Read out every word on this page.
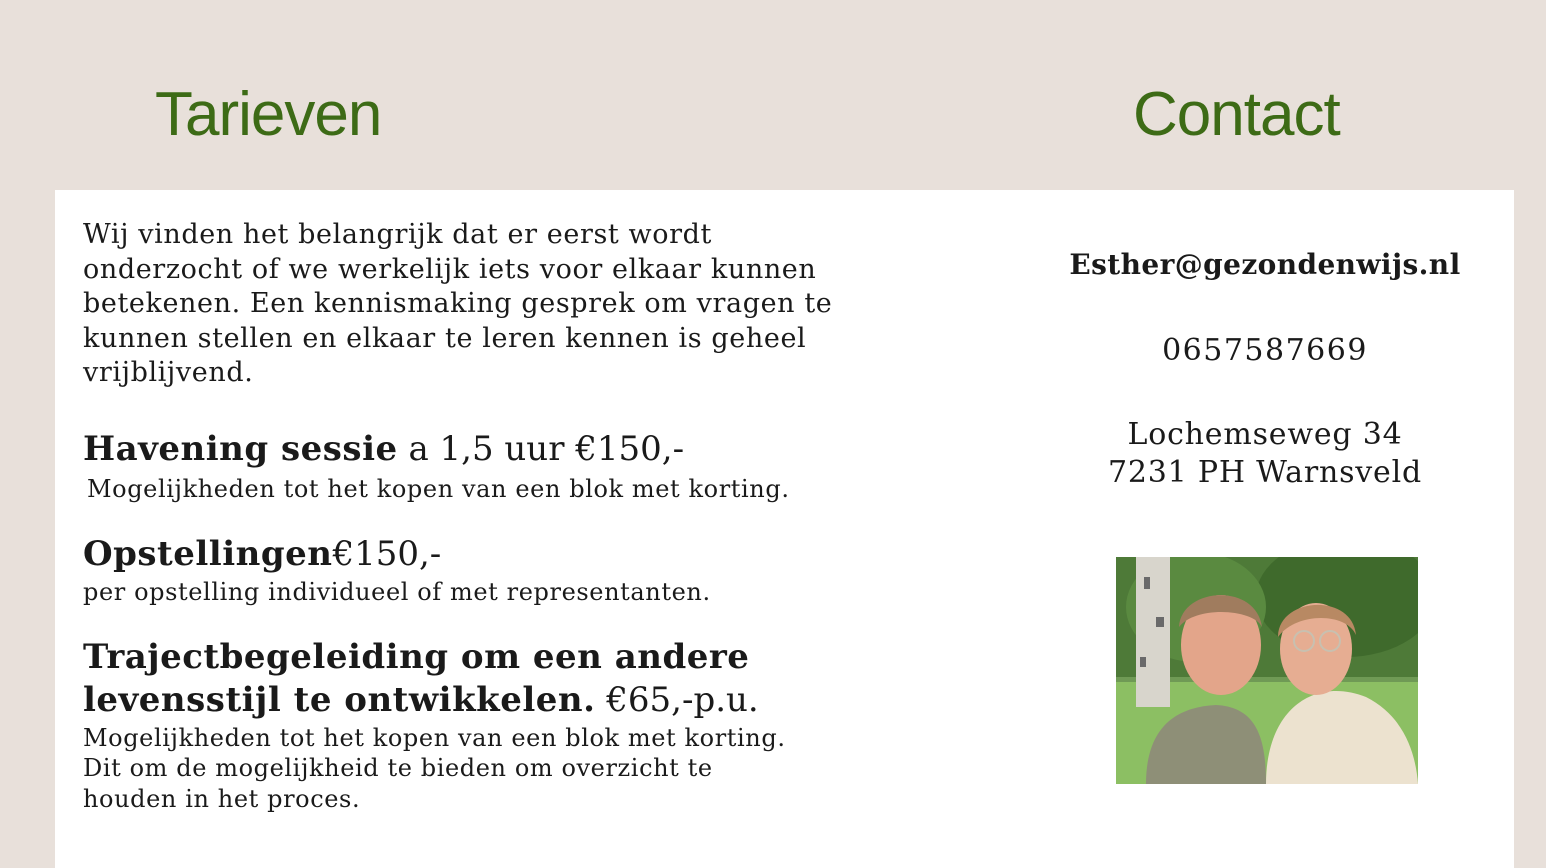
Tarieven	Contact
Wij vinden het belangrijk dat er eerst wordt onderzocht of we werkelijk iets voor elkaar kunnen betekenen. Een kennismaking gesprek om vragen te kunnen stellen en elkaar te leren kennen is geheel vrijblijvend.
Havening sessie a 1,5 uur €150,-
Mogelijkheden tot het kopen van een blok met korting.
Opstellingen€150,-
per opstelling individueel of met representanten.
Trajectbegeleiding om een andere
levensstijl te ontwikkelen. €65,-p.u.
Mogelijkheden tot het kopen van een blok met korting.
Dit om de mogelijkheid te bieden om overzicht te
houden in het proces.
Esther@gezondenwijs.nl
0657587669
Lochemseweg 34
7231 PH Warnsveld
